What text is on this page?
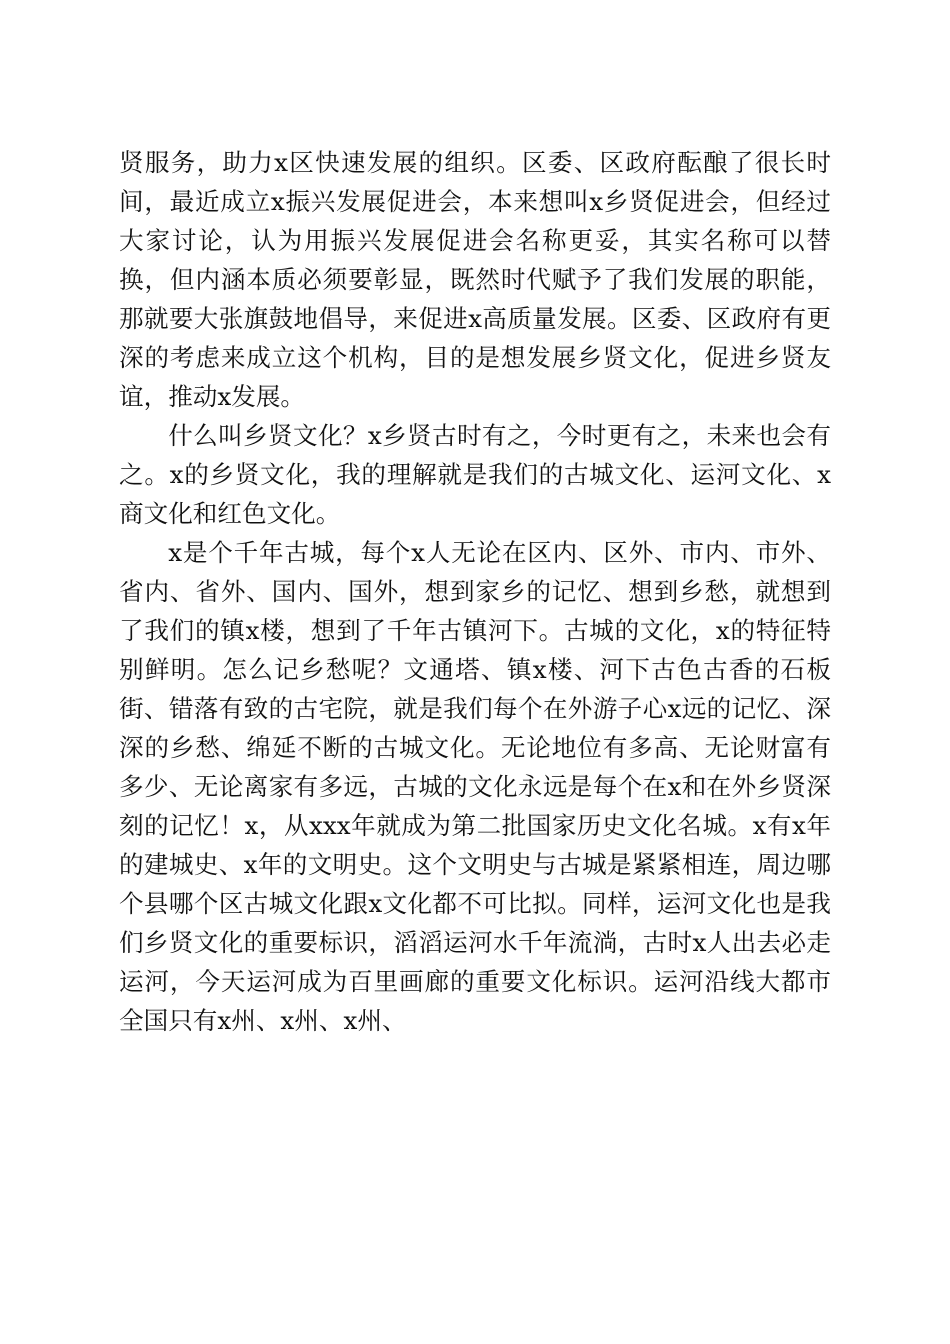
贤服务，助力x区快速发展的组织。区委、区政府酝酿了很长时间，最近成立x振兴发展促进会，本来想叫x乡贤促进会，但经过大家讨论，认为用振兴发展促进会名称更妥，其实名称可以替换，但内涵本质必须要彰显，既然时代赋予了我们发展的职能，那就要大张旗鼓地倡导，来促进x高质量发展。区委、区政府有更深的考虑来成立这个机构，目的是想发展乡贤文化，促进乡贤友谊，推动x发展。

什么叫乡贤文化？x乡贤古时有之，今时更有之，未来也会有之。x的乡贤文化，我的理解就是我们的古城文化、运河文化、x商文化和红色文化。

x是个千年古城，每个x人无论在区内、区外、市内、市外、省内、省外、国内、国外，想到家乡的记忆、想到乡愁，就想到了我们的镇x楼，想到了千年古镇河下。古城的文化，x的特征特别鲜明。怎么记乡愁呢？文通塔、镇x楼、河下古色古香的石板街、错落有致的古宅院，就是我们每个在外游子心x远的记忆、深深的乡愁、绵延不断的古城文化。无论地位有多高、无论财富有多少、无论离家有多远，古城的文化永远是每个在x和在外乡贤深刻的记忆！x，从xxx年就成为第二批国家历史文化名城。x有x年的建城史、x年的文明史。这个文明史与古城是紧紧相连，周边哪个县哪个区古城文化跟x文化都不可比拟。同样，运河文化也是我们乡贤文化的重要标识，滔滔运河水千年流淌，古时x人出去必走运河，今天运河成为百里画廊的重要文化标识。运河沿线大都市全国只有x州、x州、x州、
